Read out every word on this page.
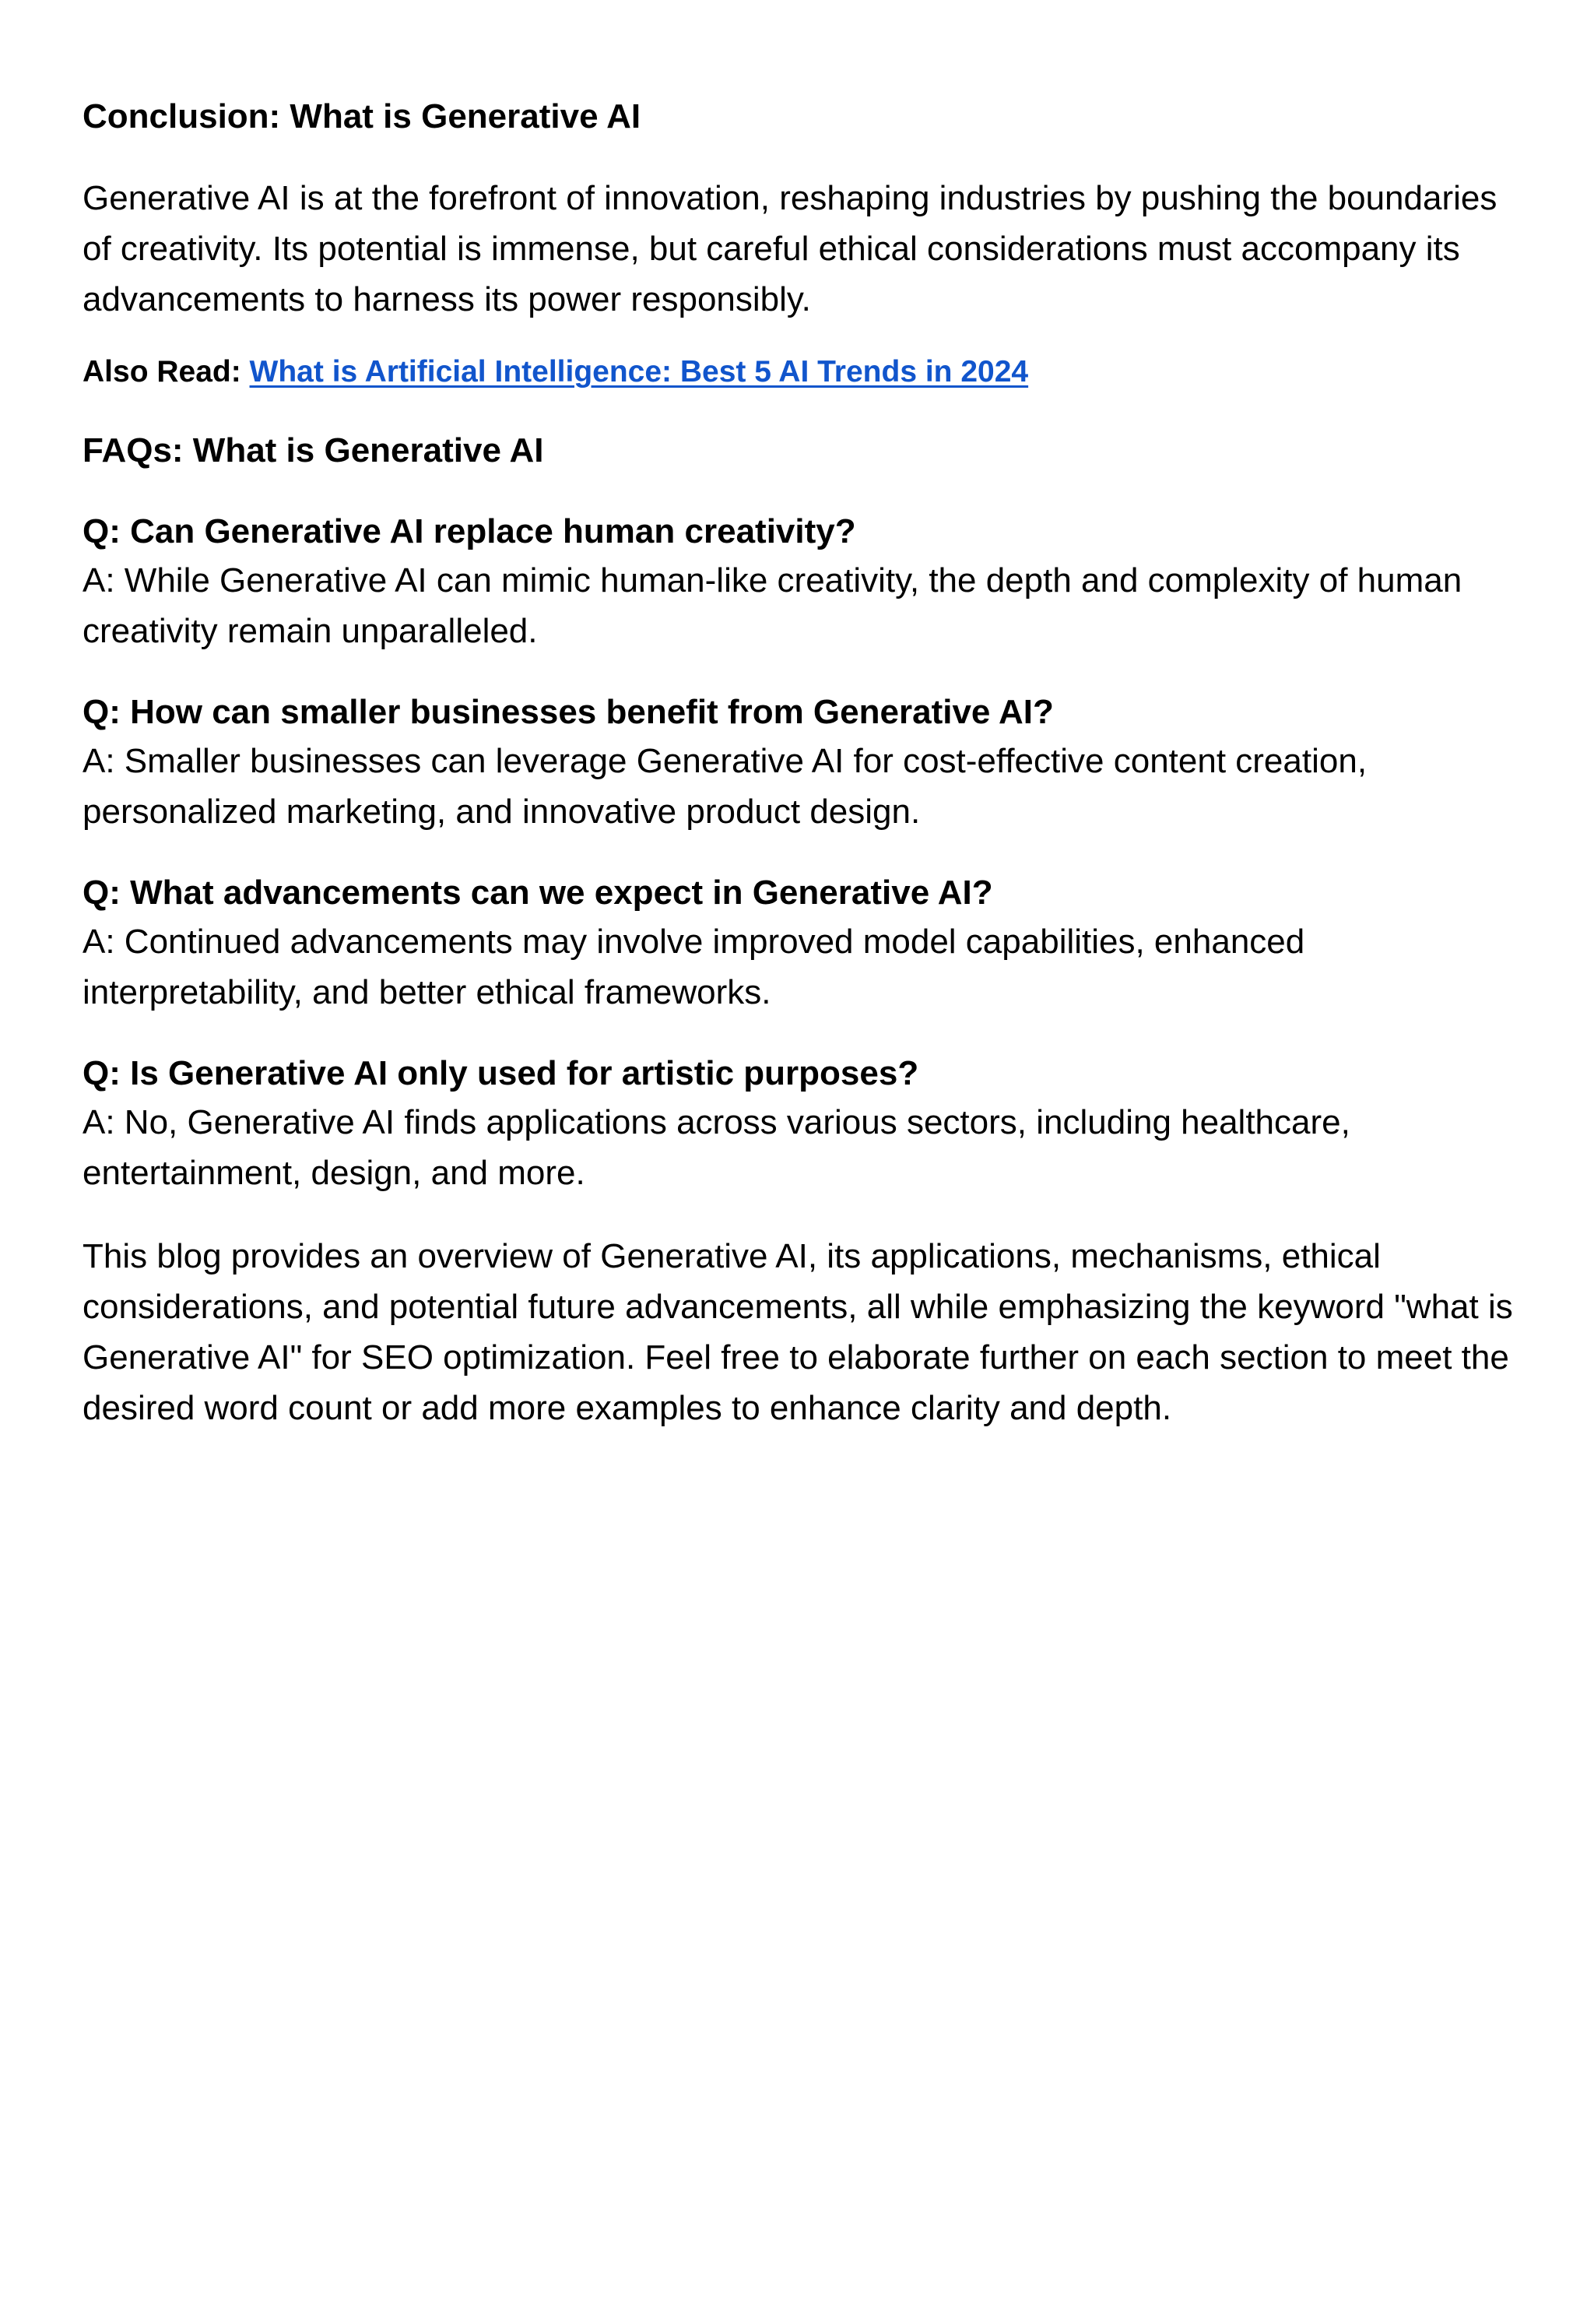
Conclusion: What is Generative AI

Generative AI is at the forefront of innovation, reshaping industries by pushing the boundaries of creativity. Its potential is immense, but careful ethical considerations must accompany its advancements to harness its power responsibly.

Also Read: What is Artificial Intelligence: Best 5 AI Trends in 2024

FAQs: What is Generative AI
Q: Can Generative AI replace human creativity?

A: While Generative AI can mimic human-like creativity, the depth and complexity of human creativity remain unparalleled.

Q: How can smaller businesses benefit from Generative AI?

A: Smaller businesses can leverage Generative AI for cost-effective content creation, personalized marketing, and innovative product design.

Q: What advancements can we expect in Generative AI?

A: Continued advancements may involve improved model capabilities, enhanced interpretability, and better ethical frameworks.

Q: Is Generative AI only used for artistic purposes?

A: No, Generative AI finds applications across various sectors, including healthcare, entertainment, design, and more.

This blog provides an overview of Generative AI, its applications, mechanisms, ethical considerations, and potential future advancements, all while emphasizing the keyword "what is Generative AI" for SEO optimization. Feel free to elaborate further on each section to meet the desired word count or add more examples to enhance clarity and depth.
